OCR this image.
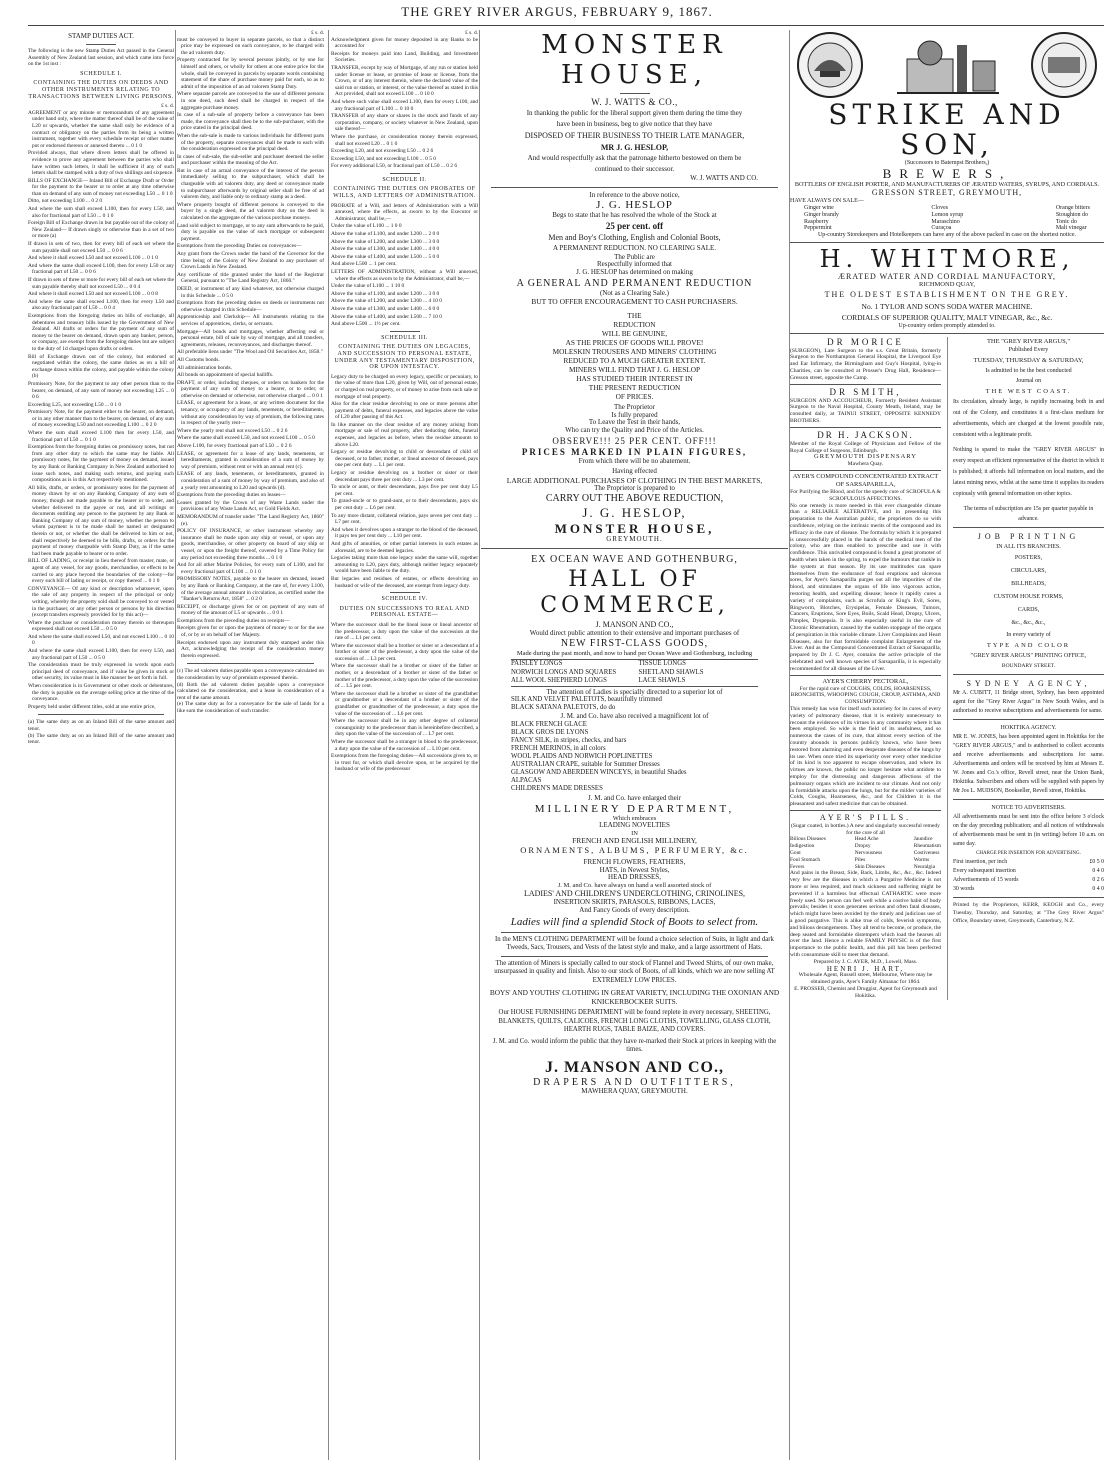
THE GREY RIVER ARGUS, FEBRUARY 9, 1867.
STAMP DUTIES ACT.
The following is the new Stamp Duties Act passed in the General Assembly of New Zealand last session, and which came into force on the 1st inst :
SCHEDULE I.
CONTAINING THE DUTIES ON DEEDS AND OTHER INSTRUMENTS RELATING TO TRANSACTIONS BETWEEN LIVING PERSONS.
£ s. d.
AGREEMENT or any minute or memorandum of any agreement under hand only, where the matter thereof shall be of the value of L20 or upwards, whether the same shall only be evidence of a contract or obligatory on the parties from its being a written instrument, together with every schedule receipt or other matter put or endorsed thereon or annexed thereto ... 0 1 0
Provided always, that where divers letters shall be offered in evidence to prove any agreement between the parties who shall have written such letters, it shall be sufficient if any of such letters shall be stamped with a duty of two shillings and sixpence.
BILLS OF EXCHANGE— Inland Bill of Exchange Draft or Order for the payment to the bearer or to order at any time otherwise than on demand of any sum of money not exceeding L50 ... 0 1 0
Ditto, not exceeding L100 ... 0 2 0
And where the sum shall exceed L100, then for every L50, and also for fractional part of L50 ... 0 1 0
Foreign Bill of Exchange drawn in but payable out of the colony of New Zealand— If drawn singly or otherwise than in a set of two or more (a)
If drawn in sets of two, then for every bill of each set where the sum payable shall not exceed L50 ... 0 0 6
And where it shall exceed L50 and not exceed L100 ... 0 1 0
And where the same shall exceed L100, then for every L50 or any fractional part of L50 ... 0 0 6
If drawn in sets of three or more for every bill of each set where the sum payable thereby shall not exceed L50 ... 0 0 4
And where it shall exceed L50 and not exceed L100 ... 0 0 8
And where the same shall exceed L100, then for every L50 and also any fractional part of L50 ... 0 0 4
Exemptions from the foregoing duties on bills of exchange, all debentures and treasury bills issued by the Government of New Zealand. All drafts or orders for the payment of any sum of money to the bearer on demand, drawn upon any banker, person, or company, are exempt from the foregoing duties but are subject to the duty of 1d charged upon drafts or orders.
Bill of Exchange drawn out of the colony, but endorsed or negotiated within the colony, the same duties as on a bill of exchange drawn within the colony, and payable within the colony (b)
Promissory Note, for the payment to any other person than to the bearer, on demand, of any sum of money not exceeding L25 ... 0 0 6
Exceeding L25, not exceeding L50 ... 0 1 0
Promissory Note, for the payment either to the bearer, on demand, or in any other manner than to the bearer, on demand, of any sum of money exceeding L50 and not exceeding L100 ... 0 2 0
Where the sum shall exceed L100 then for every L50, and fractional part of L50 ... 0 1 0
Exemptions from the foregoing duties on promissory notes, but not from any other duty to which the same may be liable. All promissory notes, for the payment of money on demand, issued by any Bank or Banking Company in New Zealand authorised to issue such notes, and making such returns, and paying such compositions as is in this Act respectively mentioned.
All bills, drafts, or orders, or promissory notes for the payment of money drawn by or on any Banking Company of any sum of money, though not made payable to the bearer or to order, and whether delivered to the payee or not, and all writings or documents entitling any person to the payment by any Bank or Banking Company of any sum of money, whether the person to whom payment is to be made shall be named or designated therein or not, or whether the shall be delivered to him or not, shall respectively be deemed to be bills, drafts, or orders for the payment of money chargeable with Stamp Duty, as if the same had been made payable to bearer or to order.
BILL OF LADING, or receipt in lieu thereof from master, mate, or agent of any vessel, for any goods, merchandise, or effects to be carried to any place beyond the boundaries of the colony—for every such bill of lading or receipt, or copy thereof ... 0 1 0
CONVEYANCE— Of any kind or description whatsoever, upon the sale of any property in respect of the principal or only writing, whereby the property sold shall be conveyed to or vested in the purchaser, or any other person or persons by his direction (except transfers expressly provided for by this act)—
Where the purchase or consideration money therein or thereupon expressed shall not exceed L50 ... 0 5 0
And where the same shall exceed L50, and not exceed L100 ... 0 10 0
And where the same shall exceed L100, then for every L50, and any fractional part of L50 ... 0 5 0
The consideration must be truly expressed in words upon each principal deed of conveyance, and if value be given in stock or other security, its value must in like manner be set forth in full.
When consideration is in Government or other stock or debentures, the duty is payable on the average selling price at the time of the conveyance.
Property held under different titles, sold at one entire price,
(a) The same duty as on an Inland Bill of the same amount and tenor.
(b) The same duty as on an Inland Bill of the same amount and tenor.
£ s. d.
must be conveyed to buyer in separate parcels, so that a distinct price may be expressed on each conveyance, to be charged with the ad valorem duty.
Property contracted for by several persons jointly, or by one for himself and others, or wholly for others at one entire price for the whole, shall be conveyed in parcels by separate words containing statement of the share of purchase money paid for each, so as to admit of the imposition of an ad valorem Stamp Duty.
Where separate parcels are conveyed to the use of different persons in one deed, such deed shall be charged in respect of the aggregate purchase money.
In case of a sub-sale of property before a conveyance has been made, the conveyance shall then be to the sub-purchaser, with the price stated in the principal deed.
When the sub-sale is made to various individuals for different parts of the property, separate conveyances shall be made to each with the consideration expressed on the principal deed.
In cases of sub-sale, the sub-seller and purchaser deemed the seller and purchaser within the meaning of the Act.
But in case of an actual conveyance of the interest of the person immediately selling to the subpurchaser, which shall be chargeable with ad valorem duty, any deed or conveyance made to subpurchaser afterwards by original seller shall be free of ad valorem duty, and liable only to ordinary stamp as a deed.
Where property bought of different persons is conveyed to the buyer by a single deed, the ad valorem duty on the deed is calculated on the aggregate of the various purchase moneys.
Land sold subject to mortgage, or to any sum afterwards to be paid, duty is payable on the value of such mortgage or subsequent payment.
Exemptions from the preceding Duties on conveyances—
Any grant from the Crown under the hand of the Governor for the time being of the Colony of New Zealand to any purchaser of Crown Lands in New Zealand.
Any certificate of title granted under the hand of the Registrar General, pursuant to "The Land Registry Act, 1860."
DEED, or instrument of any kind whatever, not otherwise charged in this Schedule ... 0 5 0
Exemptions from the preceding duties on deeds or instruments not otherwise charged in this Schedule—
Apprenticeship and Clerkship— All instruments relating to the services of apprentices, clerks, or servants.
Mortgage—All bonds and mortgages, whether affecting real or personal estate, bill of sale by way of mortgage, and all transfers, agreements, releases, reconveyances, and discharges thereof.
All preferable liens under "The Wool and Oil Securities Act, 1858."
All Customs bonds.
All administration bonds.
All bonds on appointment of special bailiffs.
DRAFT, or order, including cheques, or orders on bankers for the payment of any sum of money to a bearer, or to order, or otherwise on demand or otherwise, not otherwise charged ... 0 0 1
LEASE, or agreement for a lease, or any written document for the tenancy, or occupancy of any lands, tenements, or hereditaments, without any consideration by way of premium, the following rates in respect of the yearly rent—
Where the yearly rent shall not exceed L50 ... 0 2 6
Where the same shall exceed L50, and not exceed L100 ... 0 5 0
Above L100, for every fractional part of L50 ... 0 2 6
LEASE, or agreement for a lease of any lands, tenements, or hereditaments, granted in consideration of a sum of money by way of premium, without rent or with an annual rent (c).
LEASE of any lands, tenements, or hereditaments, granted in consideration of a sum of money by way of premium, and also of a yearly rent amounting to L20 and upwards (d).
Exemptions from the preceding duties on leases—
Leases granted by the Crown of any Waste Lands under the provisions of any Waste Lands Act, or Gold Fields Act.
MEMORANDUM of transfer under "The Land Registry Act, 1860" (e).
POLICY OF INSURANCE, or other instrument whereby any insurance shall be made upon any ship or vessel, or upon any goods, merchandise, or other property on board of any ship or vessel, or upon the freight thereof, covered by a Time Policy for any period not exceeding three months ... 0 1 0
And for all other Marine Policies, for every sum of L100, and for every fractional part of L100 ... 0 1 0
PROMISSORY NOTES, payable to the bearer on demand, issued by any Bank or Banking Company, at the rate of, for every L100, of the average annual amount in circulation, as certified under the "Banker's Returns Act, 1858" ... 0 2 0
RECEIPT, or discharge given for or on payment of any sum of money of the amount of L5 or upwards ... 0 0 1
Exemptions from the preceding duties on receipts—
Receipts given for or upon the payment of money to or for the use of, or by or on behalf of her Majesty.
Receipts endorsed upon any instrument duly stamped under this Act, acknowledging the receipt of the consideration money therein expressed.
(c) The ad valorem duties payable upon a conveyance calculated on the consideration by way of premium expressed therein.
(d) Both the ad valorem duties payable upon a conveyance calculated on the consideration, and a lease in consideration of a rent of the same amount.
(e) The same duty as for a conveyance for the sale of lands for a like sum the consideration of such transfer.
£ s. d.
Acknowledgment given for money deposited in any Banks to be accounted for
Receipts for moneys paid into Land, Building, and Investment Societies.
TRANSFER, except by way of Mortgage, of any run or station held under license or lease, or promise of lease or license, from the Crown, or of any interest therein, where the declared value of the said run or station, or interest, or the value thereof as stated in this Act provided, shall not exceed L100 ... 0 10 0
And where such value shall exceed L100, then for every L100, and any fractional part of L100 ... 0 10 0
TRANSFER of any share or shares in the stock and funds of any corporation, company, or society whatever in New Zealand, upon sale thereof—
Where the purchase, or consideration money therein expressed, shall not exceed L20 ... 0 1 0
Exceeding L20, and not exceeding L50 ... 0 2 6
Exceeding L50, and not exceeding L100 ... 0 5 0
For every additional L50, or fractional part of L50 ... 0 2 6
SCHEDULE II.
CONTAINING THE DUTIES ON PROBATES OF WILLS, AND LETTERS OF ADMINISTRATION.
PROBATE of a Will, and letters of Administration with a Will annexed, where the effects, as sworn to by the Executor or Administrator, shall be,—
Under the value of L100 ... 1 0 0
Above the value of L100, and under L200 ... 2 0 0
Above the value of L200, and under L300 ... 3 0 0
Above the value of L300, and under L400 ... 4 0 0
Above the value of L400, and under L500 ... 5 0 0
And above L500 ... 1 per cent.
LETTERS OF ADMINISTRATION, without a Will annexed, where the effects as sworn to by the Administrator, shall be,—
Under the value of L100 ... 1 10 0
Above the value of L100, and under L200 ... 3 0 0
Above the value of L200, and under L300 ... 4 10 0
Above the value of L300, and under L400 ... 6 0 0
Above the value of L400, and under L500 ... 7 10 0
And above L500 ... 1½ per cent.
SCHEDULE III.
CONTAINING THE DUTIES ON LEGACIES, AND SUCCESSION TO PERSONAL ESTATE, UNDER ANY TESTAMENTARY DISPOSITION, OR UPON INTESTACY.
Legacy duty to be charged on every legacy, specific or pecuniary, to the value of more than L20, given by Will, out of personal estate, or charged on real property, or of money to arise from such sale or mortgage of real property.
Also for the clear residue devolving to one or more persons after payment of debts, funeral expenses, and legacies above the value of L20 after passing of this Act.
In like manner on the clear residue of any money arising from mortgage or sale of real property, after deducting debts, funeral expenses, and legacies as before, when the residue amounts to above L20.
Legacy or residue devolving to child or descendant of child of deceased, or to father, mother, or lineal ancestor of deceased, pays one per cent duty ... L1 per cent.
Legacy or residue devolving on a brother or sister or their descendant pays three per cent duty ... L3 per cent.
To uncle or aunt, or their descendants, pays five per cent duty L5 per cent.
To grand-uncle or to grand-aunt, or to their descendants, pays six per cent duty ... L6 per cent.
To any more distant, collateral relation, pays seven per cent duty ... L7 per cent.
And when it devolves upon a stranger to the blood of the deceased, it pays ten per cent duty ... L10 per cent.
And gifts of annuities, or other partial interests in such estates as aforesaid, are to be deemed legacies.
Legacies taking more than one legacy under the same will, together amounting to L20, pays duty, although neither legacy separately would have been liable to the duty.
But legacies and residues of estates, or effects devolving on husband or wife of the deceased, are exempt from legacy duty.
SCHEDULE IV.
DUTIES ON SUCCESSIONS TO REAL AND PERSONAL ESTATE—
Where the successor shall be the lineal issue or lineal ancestor of the predecessor, a duty upon the value of the succession at the rate of ... L1 per cent.
Where the successor shall be a brother or sister or a descendant of a brother or sister of the predecessor, a duty upon the value of the succession of ... L3 per cent.
Where the successor shall be a brother or sister of the father or mother, or a descendant of a brother or sister of the father or mother of the predecessor, a duty upon the value of the succession of ... L5 per cent.
Where the successor shall be a brother or sister of the grandfather or grandmother or a descendant of a brother or sister of the grandfather or grandmother of the predecessor, a duty upon the value of the succession of ... L6 per cent.
Where the successor shall be in any other degree of collateral consanguinity to the predecessor than is hereinbefore described, a duty upon the value of the succession of ... L7 per cent.
Where the successor shall be a stranger in blood to the predecessor, a duty upon the value of the succession of ... L10 per cent.
Exemptions from the foregoing duties—All successions given to, or in trust for, or which shall devolve upon, or be acquired by the husband or wife of the predecessor
MONSTER HOUSE,
W. J. WATTS & CO.,
In thanking the public for the liberal support given them during the time they
have been in business, beg to give notice that they have
DISPOSED OF THEIR BUSINESS TO THEIR LATE MANAGER,
MR J. G. HESLOP,
And would respectfully ask that the patronage hitherto bestowed on them be
continued to their successor.
W. J. WATTS AND CO.
In reference to the above notice,
J. G. HESLOP
Begs to state that he has resolved the whole of the Stock at
25 per cent. off
Men and Boy's Clothing, English and Colonial Boots,
A PERMANENT REDUCTION. NO CLEARING SALE.
The Public are
Respectfully informed that
J. G. HESLOP has determined on making
A GENERAL AND PERMANENT REDUCTION
(Not as a Clearing Sale.)
BUT TO OFFER ENCOURAGEMENT TO CASH PURCHASERS.
THE
REDUCTION
WILL BE GENUINE,
AS THE PRICES OF GOODS WILL PROVE!
MOLESKIN TROUSERS AND MINERS' CLOTHING
REDUCED TO A MUCH GREATER EXTENT.
MINERS WILL FIND THAT J. G. HESLOP
HAS STUDIED THEIR INTEREST IN
THE PRESENT REDUCTION
OF PRICES.
The Proprietor
Is fully prepared
To Leave the Test in their hands,
Who can try the Quality and Price of the Articles.
OBSERVE!!! 25 PER CENT. OFF!!!
PRICES MARKED IN PLAIN FIGURES,
From which there will be no abatement.
Having effected
LARGE ADDITIONAL PURCHASES OF CLOTHING IN THE BEST MARKETS,
The Proprietor is prepared to
CARRY OUT THE ABOVE REDUCTION,
J. G. HESLOP,
MONSTER HOUSE,
GREYMOUTH.
EX OCEAN WAVE AND GOTHENBURG,
HALL OF COMMERCE,
J. MANSON AND CO.,
Would direct public attention to their extensive and important purchases of
NEW FIRST-CLASS GOODS,
Made during the past month, and now to hand per Ocean Wave and Gothenburg, including
PAISLEY LONGS
NORWICH LONGS AND SQUARES
ALL WOOL SHEPHERD LONGS
TISSUE LONGS
SHETLAND SHAWLS
LACE SHAWLS
The attention of Ladies is specially directed to a superior lot of
SILK AND VELVET PALETOTS, beautifully trimmed
BLACK SATANA PALETOTS, do do
J. M. and Co. have also received a magnificent lot of
BLACK FRENCH GLACE
BLACK GROS DE LYONS
FANCY SILK, in stripes, checks, and bars
FRENCH MERINOS, in all colors
WOOL PLAIDS AND NORWICH POPLINETTES
AUSTRALIAN CRAPE, suitable for Summer Dresses
GLASGOW AND ABERDEEN WINCEYS, in beautiful Shades
ALPACAS
CHILDREN'S MADE DRESSES
J. M. and Co. have enlarged their
MILLINERY DEPARTMENT,
Which embraces
LEADING NOVELTIES
IN
FRENCH AND ENGLISH MILLINERY,
ORNAMENTS, ALBUMS, PERFUMERY, &c.
FRENCH FLOWERS, FEATHERS,
HATS, in Newest Styles,
HEAD DRESSES,
J. M. and Co. have always on hand a well assorted stock of
LADIES' AND CHILDREN'S UNDERCLOTHING, CRINOLINES,
INSERTION SKIRTS, PARASOLS, RIBBONS, LACES,
And Fancy Goods of every description.
Ladies will find a splendid Stock of Boots to select from.
In the MEN'S CLOTHING DEPARTMENT will be found a choice selection of Suits, in light and dark Tweeds, Sacs, Trousers, and Vests of the latest style and make, and a large assortment of Hats.
The attention of Miners is specially called to our stock of Flannel and Tweed Shirts, of our own make, unsurpassed in quality and finish. Also to our stock of Boots, of all kinds, which we are now selling AT EXTREMELY LOW PRICES.
BOYS' AND YOUTHS' CLOTHING IN GREAT VARIETY, INCLUDING THE OXONIAN AND KNICKERBOCKER SUITS.
Our HOUSE FURNISHING DEPARTMENT will be found replete in every necessary, SHEETING, BLANKETS, QUILTS, CALICOES, FRENCH LONG CLOTHS, TOWELLING, GLASS CLOTH, HEARTH RUGS, TABLE BAIZE, AND COVERS.
J. M. and Co. would inform the public that they have re-marked their Stock at prices in keeping with the times.
J. MANSON AND CO.,
DRAPERS AND OUTFITTERS,
MAWHERA QUAY, GREYMOUTH.
STRIKE AND SON,
(Successors to Batempst Brothers,)
BREWERS,
BOTTLERS OF ENGLISH PORTER, AND MANUFACTURERS OF ÆRATED WATERS, SYRUPS, AND CORDIALS.
GRESSON STREET, GREYMOUTH,
HAVE ALWAYS ON SALE—
Ginger wine
Ginger brandy
Raspberry
Peppermint
Cloves
Lemon syrup
Maraschino
Curaçoa
Orange bitters
Stoughton do
Tonic do
Malt vinegar
Up-country Storekeepers and Hotelkeepers can have any of the above packed in case on the shortest notice.
H. WHITMORE,
ÆRATED WATER AND CORDIAL MANUFACTORY,
RICHMOND QUAY,
THE OLDEST ESTABLISHMENT ON THE GREY.
No. 1 TYLOR AND SON'S SODA WATER MACHINE.
CORDIALS OF SUPERIOR QUALITY, MALT VINEGAR, &c., &c.
Up-country orders promptly attended to.
DR MORICE
(SURGEON), Late Surgeon to the s.s. Great Britain, formerly Surgeon to the Northampton General Hospital, the Liverpool Eye and Ear Infirmary, the Birmingham and Guy's Hospital, lying-in Charities, can be consulted at Prosser's Drug Hall, Residence—Gresson street, opposite the Camp.
DR SMITH,
SURGEON AND ACCOUCHEUR, Formerly Resident Assistant Surgeon to the Naval Hospital, County Meath, Ireland, may be consulted daily, at TAINUI STREET, OPPOSITE KENNEDY BROTHERS.
DR H. JACKSON.
Member of the Royal College of Physicians and Fellow of the Royal College of Surgeons, Edinburgh.
GREYMOUTH DISPENSARY
Mawhera Quay.
AYER'S COMPOUND CONCENTRATED EXTRACT OF SARSAPARILLA,
For Purifying the Blood, and for the speedy cure of SCROFULA & SCROFULOUS AFFECTIONS.
No one remedy is more needed in this ever changeable climate than a RELIABLE ALTERATIVE, and in presenting this preparation to the Australian public, the proprietors do so with confidence, relying on the intrinsic merits of the compound and its efficacy in the cure of disease. The formula by which it is prepared is unsuccessfully placed in the hands of the medical men of the colony, who are thus enabled to prescribe and use it with confidence. This unrivalled compound is found a great promoter of health when taken in the spring, to expel the humours that rankle in the system at that season. By its use multitudes can spare themselves from the endurance of foul eruptions and ulcerous sores, for Ayer's Sarsaparilla purges out all the impurities of the blood, and stimulates the organs of life into vigorous action, restoring health, and expelling disease; hence it rapidly cures a variety of complaints, such as Scrofula or King's Evil, Sores, Ringworm, Blotches, Erysipelas, Female Diseases, Tumors, Cancers, Eruptions, Sore Eyes, Boils, Scald Head, Dropsy, Ulcers, Pimples, Dyspepsia. It is also especially useful in the cure of Chronic Rheumatism, caused by the sudden stoppage of the organs of perspiration in this variable climate. Liver Complaints and Heart Diseases, also for that formidable complaint Enlargement of the Liver. And as the Compound Concentrated Extract of Sarsaparilla, prepared by Dr J. C. Ayer, contains the active principle of the celebrated and well known species of Sarsaparilla, it is especially recommended for all diseases of the Liver.
AYER'S CHERRY PECTORAL,
For the rapid cure of COUGHS, COLDS, HOARSENESS, BRONCHITIS, WHOOPING COUGH, CROUP, ASTHMA, AND CONSUMPTION.
This remedy has won for itself such notoriety for its cures of every variety of pulmonary disease, that it is entirely unnecessary to recount the evidences of its virtues in any community where it has been employed. So wide is the field of its usefulness, and so numerous the cases of its cure, that almost every section of the country abounds in persons publicly known, who have been restored from alarming and even desperate diseases of the lungs by its use. When once tried its superiority over every other medicine of its kind is too apparent to escape observation, and where its virtues are known, the public no longer hesitate what antidote to employ for the distressing and dangerous affections of the pulmonary organs which are incident to our climate. And not only in formidable attacks upon the lungs, but for the milder varieties of Colds, Coughs, Hoarseness, &c., and for Children it is the pleasantest and safest medicine that can be obtained.
AYER'S PILLS.
(Sugar coated, in bottles.) A new and singularly successful remedy for the cure of all
Bilious Diseases
Indigestion
Gout
Foul Stomach
Fevers
Head Ache
Dropsy
Nervousness
Piles
Skin Diseases
Jaundice
Rheumatism
Costiveness
Worms
Neuralgia
And pains in the Breast, Side, Back, Limbs, &c., &c., &c. Indeed very few are the diseases in which a Purgative Medicine is not more or less required, and much sickness and suffering might be prevented if a harmless but effectual CATHARTIC were more freely used. No person can feel well while a costive habit of body prevails; besides it soon generates serious and often fatal diseases, which might have been avoided by the timely and judicious use of a good purgative. This is alike true of colds, feverish symptoms, and bilious derangements. They all tend to become, or produce, the deep seated and formidable distempers which load the hearses all over the land. Hence a reliable FAMILY PHYSIC is of the first importance to the public health, and this pill has been perfected with consummate skill to meet that demand.
Prepared by J. C. AYER, M.D., Lowell, Mass.
HENRI J. HART,
Wholesale Agent, Russell street, Melbourne, Where may be obtained gratis, Ayer's Family Almanac for 1864.
E. PROSSER, Chemist and Druggist, Agent for Greymouth and Hokitika.
THE "GREY RIVER ARGUS,"
Published Every
TUESDAY, THURSDAY & SATURDAY,
Is admitted to be the best conducted
Journal on
THE WEST COAST.
Its circulation, already large, is rapidly increasing both in and out of the Colony, and constitutes it a first-class medium for advertisements, which are charged at the lowest possible rate, consistent with a legitimate profit.
Nothing is spared to make the "GREY RIVER ARGUS" in every respect an efficient representative of the district in which it is published; it affords full information on local matters, and the latest mining news, whilst at the same time it supplies its readers copiously with general information on other topics.
The terms of subscription are 15s per quarter payable in advance.
JOB PRINTING
IN ALL ITS BRANCHES.
POSTERS,
CIRCULARS,
BILLHEADS,
CUSTOM HOUSE FORMS,
CARDS,
&c., &c., &c.,
In every variety of
TYPE AND COLOR
"GREY RIVER ARGUS" PRINTING OFFICE,
BOUNDARY STREET.
SYDNEY AGENCY,
Mr A. CUBITT, 11 Bridge street, Sydney, has been appointed agent for the "Grey River Argus" in New South Wales, and is authorised to receive subscriptions and advertisements for same.
HOKITIKA AGENCY.
MR E. W. JONES, has been appointed agent in Hokitika for the "GREY RIVER ARGUS," and is authorised to collect accounts and receive advertisements and subscriptions for same. Advertisements and orders will be received by him at Messrs E. W. Jones and Co.'s office, Revell street, near the Union Bank, Hokitika. Subscribers and others will be supplied with papers by Mr Jos L. MUDSON, Bookseller, Revell street, Hokitika.
NOTICE TO ADVERTISERS.
All advertisements must be sent into the office before 3 o'clock on the day preceding publication; and all notices of withdrawals of advertisements must be sent in (in writing) before 10 a.m. on same day.
CHARGE PER INSERTION FOR ADVERTISING.
First insertion, per inch	£0 5 0
Every subsequent insertion	0 4 0
Advertisements of 15 words	0 2 6
30 words	0 4 0
Printed by the Proprietors, KERR, KEOGH and Co., every Tuesday, Thursday, and Saturday, at "The Grey River Argus" Office, Boundary street, Greymouth, Canterbury, N.Z.
